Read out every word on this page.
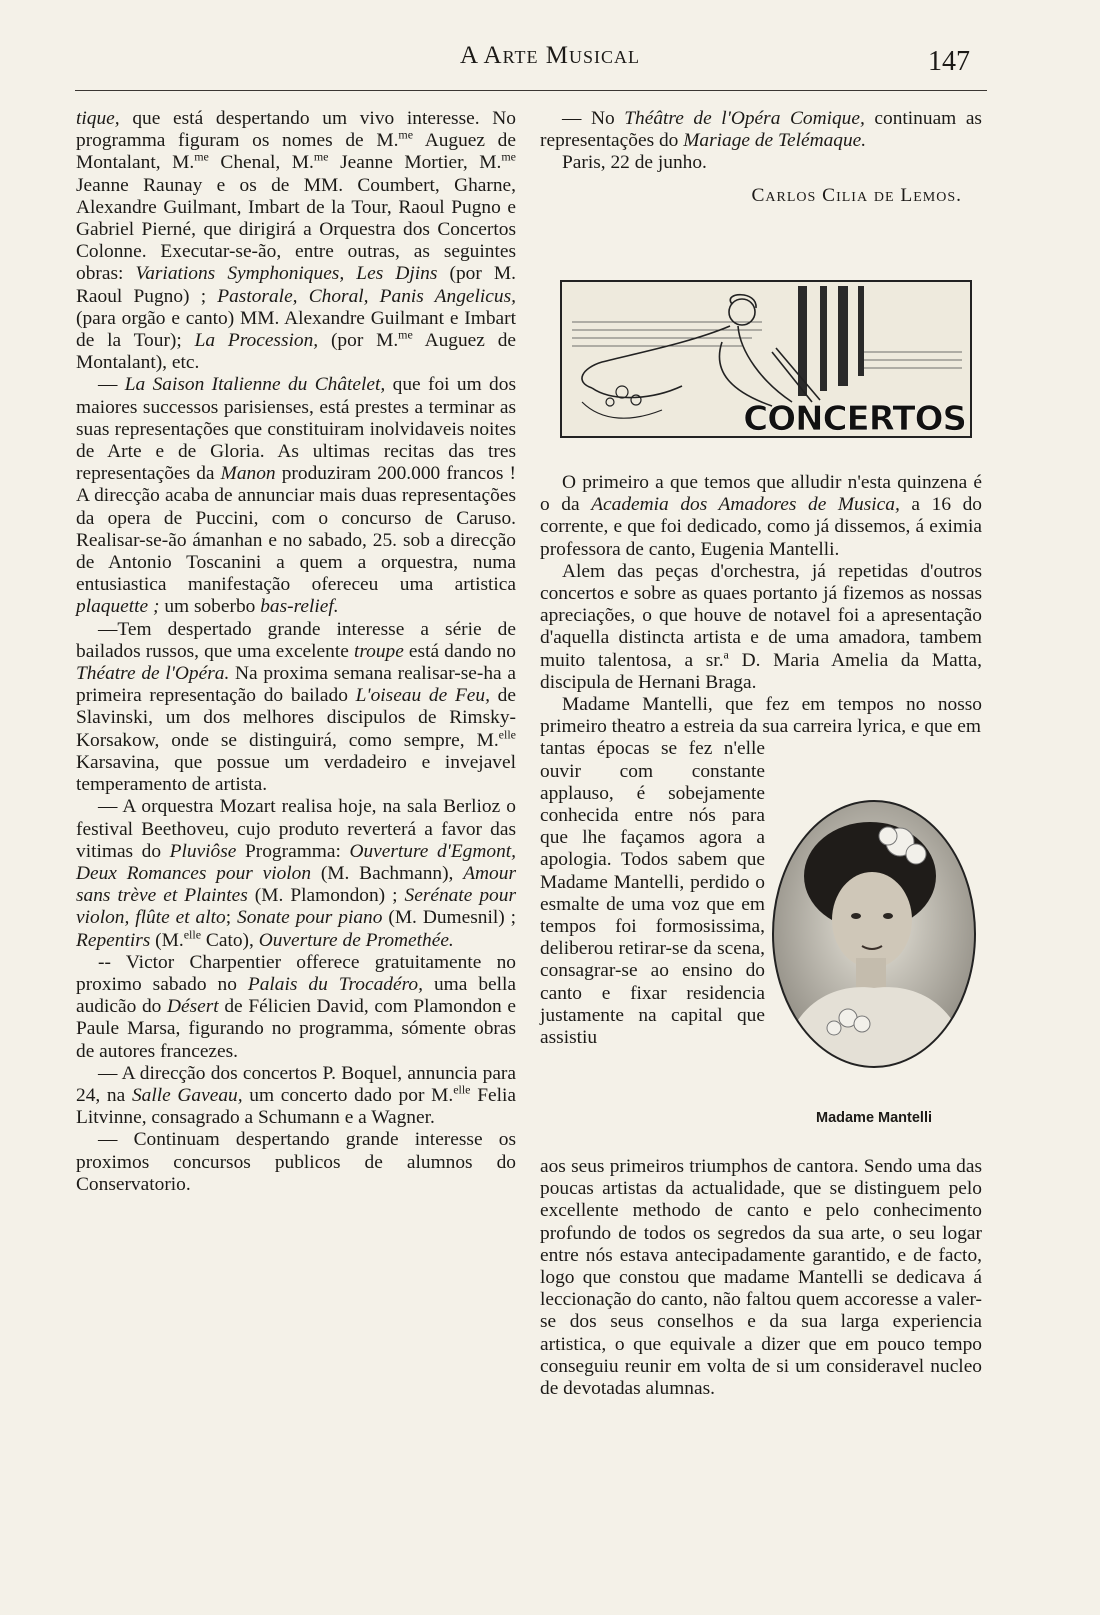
A Arte Musical	147

tique, que está despertando um vivo interesse. No programma figuram os nomes de M.$^{me}$ Auguez de Montalant, M.$^{me}$ Chenal, M.$^{me}$ Jeanne Mortier, M.$^{me}$ Jeanne Raunay e os de MM. Coumbert, Gharne, Alexandre Guilmant, Imbart de la Tour, Raoul Pugno e Gabriel Pierné, que dirigirá a Orquestra dos Concertos Colonne. Executar-se-ão, entre outras, as seguintes obras: Variations Symphoniques, Les Djins (por M. Raoul Pugno) ; Pastorale, Choral, Panis Angelicus, (para orgão e canto) MM. Alexandre Guilmant e Imbart de la Tour); La Procession, (por M.$^{me}$ Auguez de Montalant), etc.

— La Saison Italienne du Châtelet, que foi um dos maiores successos parisienses, está prestes a terminar as suas representações que constituiram inolvidaveis noites de Arte e de Gloria. As ultimas recitas das tres representações da Manon produziram 200.000 francos ! A direcção acaba de annunciar mais duas representações da opera de Puccini, com o concurso de Caruso. Realisar-se-ão ámanhan e no sabado, 25. sob a direcção de Antonio Toscanini a quem a orquestra, numa entusiastica manifestação ofereceu uma artistica plaquette ; um soberbo bas-relief.

—Tem despertado grande interesse a série de bailados russos, que uma excelente troupe está dando no Théatre de l'Opéra. Na proxima semana realisar-se-ha a primeira representação do bailado L'oiseau de Feu, de Slavinski, um dos melhores discipulos de Rimsky-Korsakow, onde se distinguirá, como sempre, M.$^{elle}$ Karsavina, que possue um verdadeiro e invejavel temperamento de artista.

— A orquestra Mozart realisa hoje, na sala Berlioz o festival Beethoveu, cujo produto reverterá a favor das vitimas do Pluviôse Programma: Ouverture d'Egmont, Deux Romances pour violon (M. Bachmann), Amour sans trève et Plaintes (M. Plamondon) ; Serénate pour violon, flûte et alto; Sonate pour piano (M. Dumesnil) ; Repentirs (M.$^{elle}$ Cato), Ouverture de Promethée.

-- Victor Charpentier offerece gratuitamente no proximo sabado no Palais du Trocadéro, uma bella audicão do Désert de Félicien David, com Plamondon e Paule Marsa, figurando no programma, sómente obras de autores francezes.

— A direcção dos concertos P. Boquel, annuncia para 24, na Salle Gaveau, um concerto dado por M.$^{elle}$ Felia Litvinne, consagrado a Schumann e a Wagner.

— Continuam despertando grande interesse os proximos concursos publicos de alumnos do Conservatorio.

— No Théâtre de l'Opéra Comique, continuam as representações do Mariage de Telémaque.

Paris, 22 de junho.

Carlos Cilia de Lemos.

CONCERTOS

O primeiro a que temos que alludir n'esta quinzena é o da Academia dos Amadores de Musica, a 16 do corrente, e que foi dedicado, como já dissemos, á eximia professora de canto, Eugenia Mantelli.

Alem das peças d'orchestra, já repetidas d'outros concertos e sobre as quaes portanto já fizemos as nossas apreciações, o que houve de notavel foi a apresentação d'aquella distincta artista e de uma amadora, tambem muito talentosa, a sr.$^a$ D. Maria Amelia da Matta, discipula de Hernani Braga.

Madame Mantelli, que fez em tempos no nosso primeiro theatro a estreia da sua carreira lyrica, e que em

tantas épocas se fez n'elle ouvir com constante applauso, é sobejamente conhecida entre nós para que lhe façamos agora a apologia. Todos sabem que Madame Mantelli, perdido o esmalte de uma voz que em tempos foi formosissima, deliberou retirar-se da scena, consagrar-se ao ensino do canto e fixar residencia justamente na capital que assistiu

Madame Mantelli

aos seus primeiros triumphos de cantora. Sendo uma das poucas artistas da actualidade, que se distinguem pelo excellente methodo de canto e pelo conhecimento profundo de todos os segredos da sua arte, o seu logar entre nós estava antecipadamente garantido, e de facto, logo que constou que madame Mantelli se dedicava á leccionação do canto, não faltou quem accoresse a valer-se dos seus conselhos e da sua larga experiencia artistica, o que equivale a dizer que em pouco tempo conseguiu reunir em volta de si um consideravel nucleo de devotadas alumnas.
